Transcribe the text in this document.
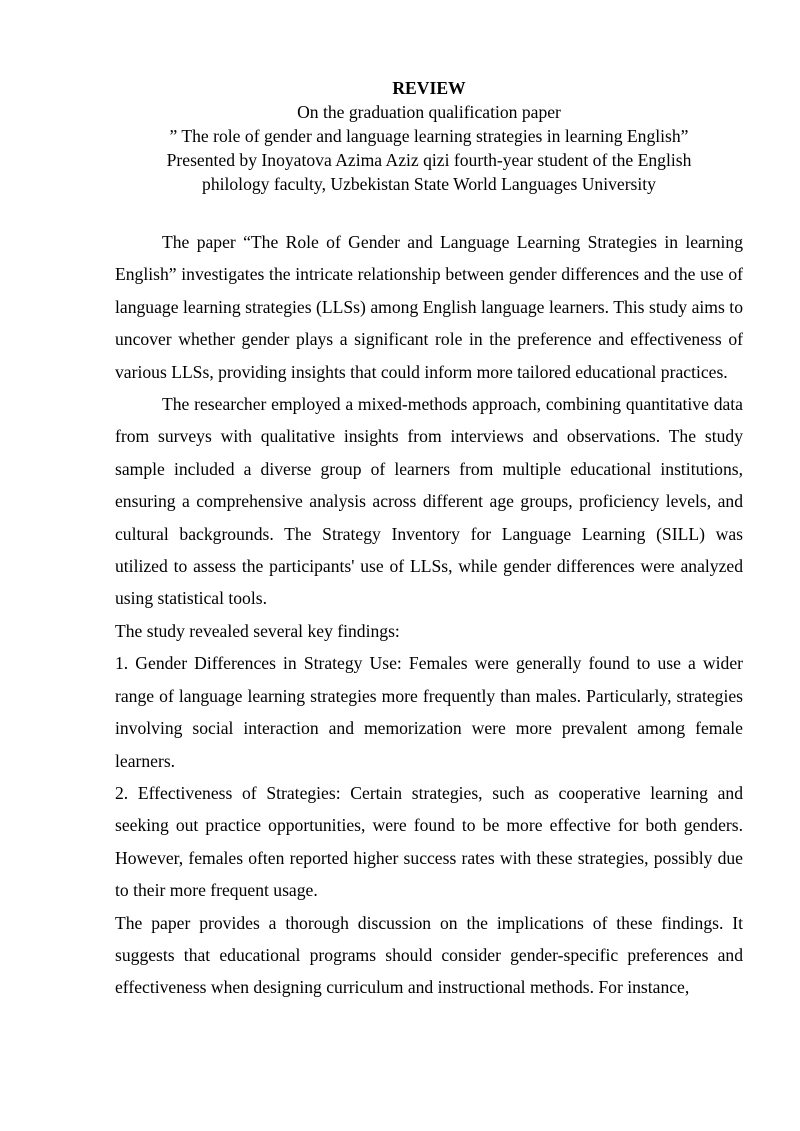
REVIEW
On the graduation qualification paper
” The role of gender and language learning strategies in learning English”
Presented by Inoyatova Azima Aziz qizi fourth-year student of the English
philology faculty, Uzbekistan State World Languages University

The paper “The Role of Gender and Language Learning Strategies in learning English” investigates the intricate relationship between gender differences and the use of language learning strategies (LLSs) among English language learners. This study aims to uncover whether gender plays a significant role in the preference and effectiveness of various LLSs, providing insights that could inform more tailored educational practices.

The researcher employed a mixed-methods approach, combining quantitative data from surveys with qualitative insights from interviews and observations. The study sample included a diverse group of learners from multiple educational institutions, ensuring a comprehensive analysis across different age groups, proficiency levels, and cultural backgrounds. The Strategy Inventory for Language Learning (SILL) was utilized to assess the participants' use of LLSs, while gender differences were analyzed using statistical tools.

The study revealed several key findings:

1. Gender Differences in Strategy Use: Females were generally found to use a wider range of language learning strategies more frequently than males. Particularly, strategies involving social interaction and memorization were more prevalent among female learners.

2. Effectiveness of Strategies: Certain strategies, such as cooperative learning and seeking out practice opportunities, were found to be more effective for both genders. However, females often reported higher success rates with these strategies, possibly due to their more frequent usage.

The paper provides a thorough discussion on the implications of these findings. It suggests that educational programs should consider gender-specific preferences and effectiveness when designing curriculum and instructional methods. For instance,
